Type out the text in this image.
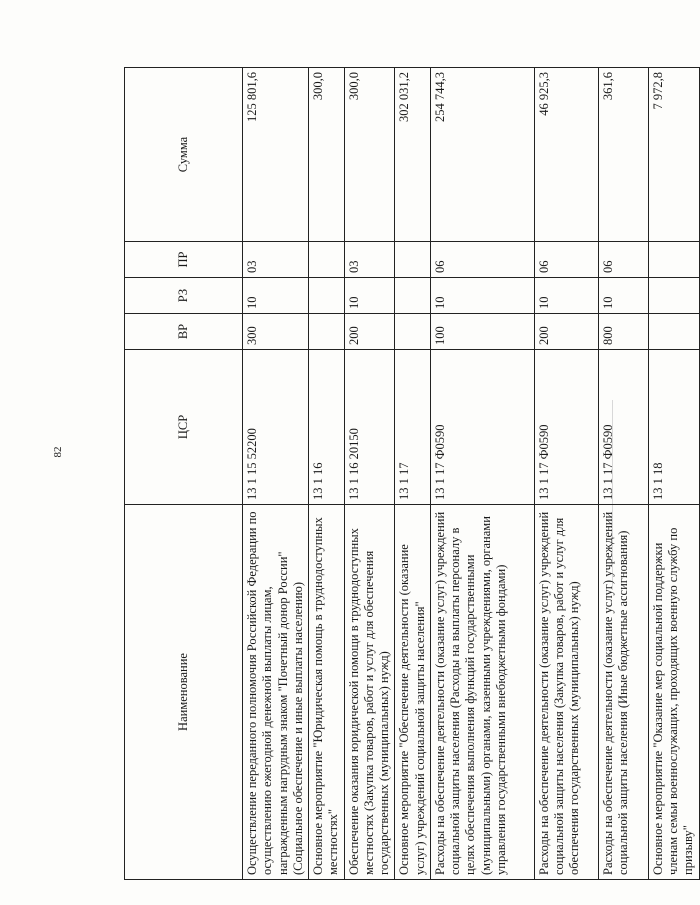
82
Наименование	ЦСР	ВР	РЗ	ПР	Сумма
Осуществление переданного полномочия Российской Федерации по осуществлению ежегодной денежной выплаты лицам, награжденным нагрудным знаком "Почетный донор России" (Социальное обеспечение и иные выплаты населению)	13 1 15 52200	300	10	03	125 801,6
Основное мероприятие "Юридическая помощь в труднодоступных местностях"	13 1 16				300,0
Обеспечение оказания юридической помощи в труднодоступных местностях (Закупка товаров, работ и услуг для обеспечения государственных (муниципальных) нужд)	13 1 16 20150	200	10	03	300,0
Основное мероприятие "Обеспечение деятельности (оказание услуг) учреждений социальной защиты населения"	13 1 17				302 031,2
Расходы на обеспечение деятельности (оказание услуг) учреждений социальной защиты населения (Расходы на выплаты персоналу в целях обеспечения выполнения функций государственными (муниципальными) органами, казенными учреждениями, органами управления государственными внебюджетными фондами)	13 1 17 Ф0590	100	10	06	254 744,3
Расходы на обеспечение деятельности (оказание услуг) учреждений социальной защиты населения (Закупка товаров, работ и услуг для обеспечения государственных (муниципальных) нужд)	13 1 17 Ф0590	200	10	06	46 925,3
Расходы на обеспечение деятельности (оказание услуг) учреждений социальной защиты населения (Иные бюджетные ассигнования)	13 1 17 Ф0590	800	10	06	361,6
Основное мероприятие "Оказание мер социальной поддержки членам семьи военнослужащих, проходящих военную службу по призыву"	13 1 18				7 972,8
